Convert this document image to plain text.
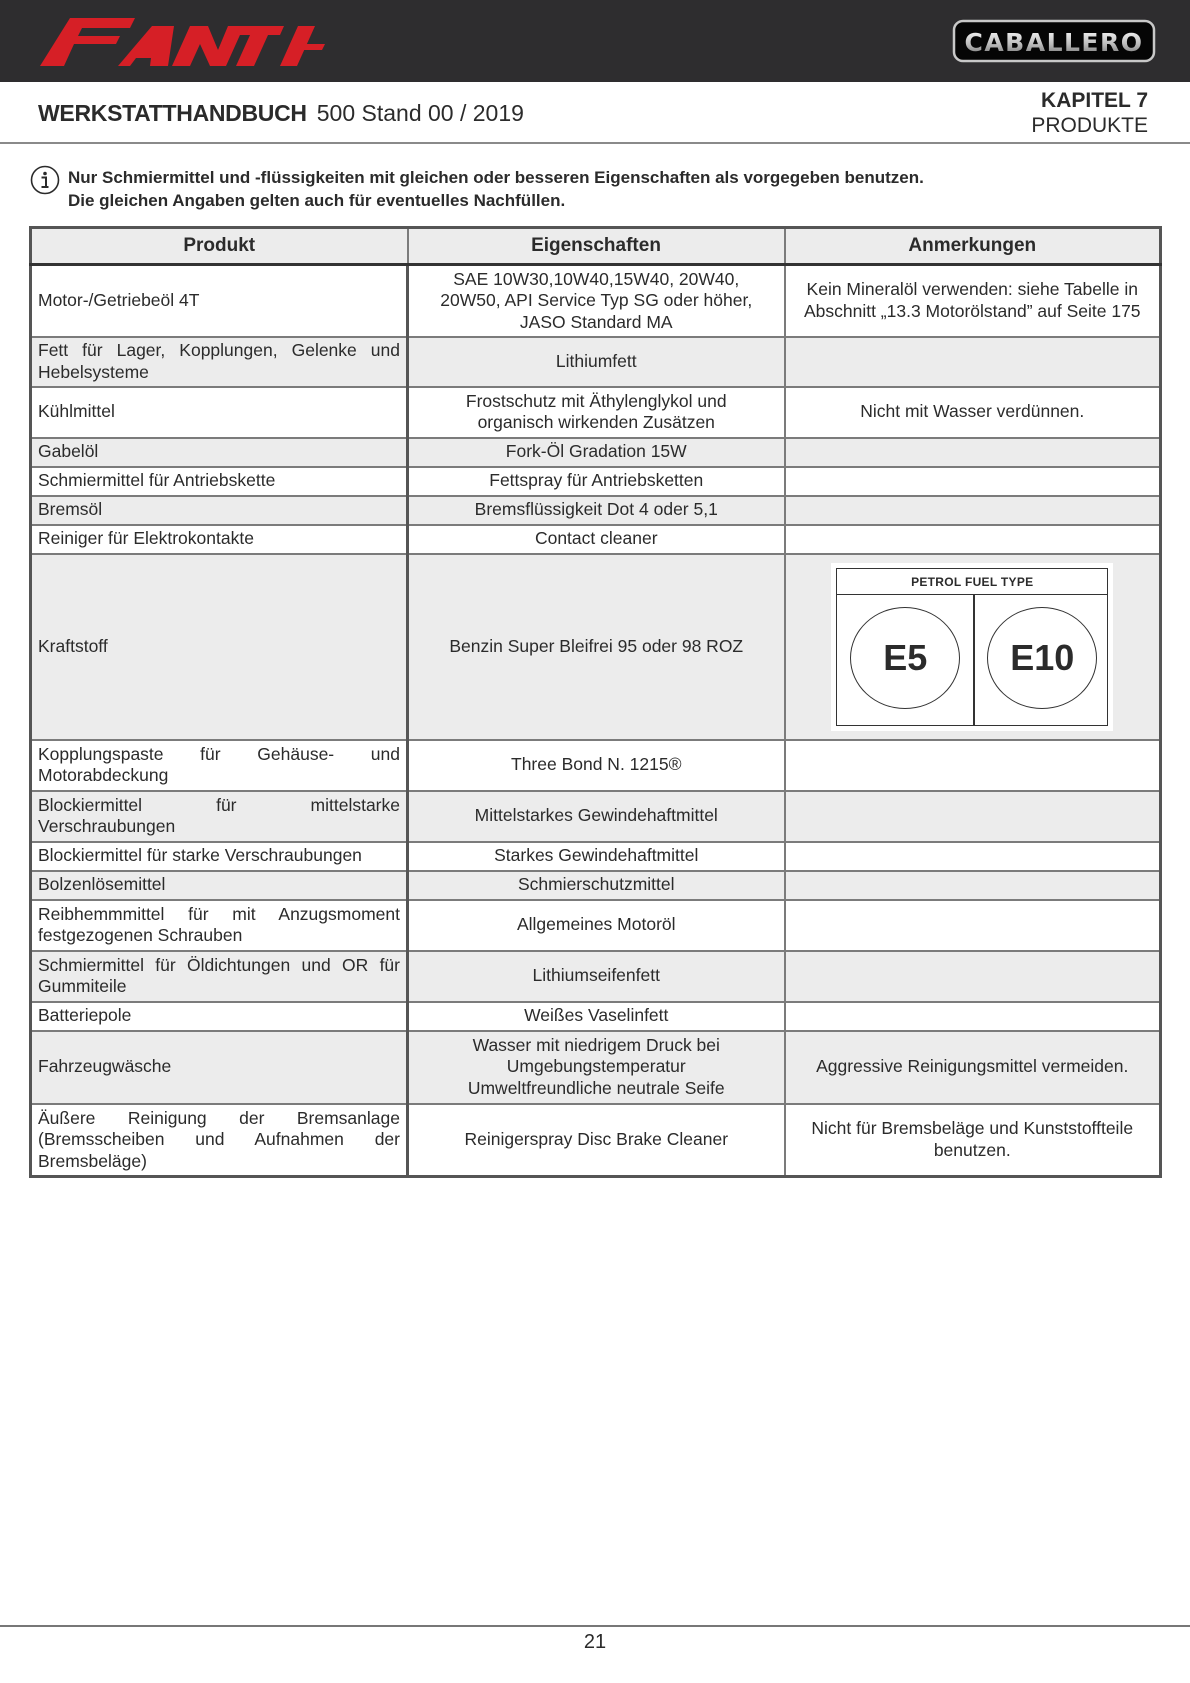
CABALLERO
WERKSTATTHANDBUCH 500 Stand 00 / 2019	KAPITEL 7
PRODUKTE
Nur Schmiermittel und -flüssigkeiten mit gleichen oder besseren Eigenschaften als vorgegeben benutzen.
Die gleichen Angaben gelten auch für eventuelles Nachfüllen.
Produkt	Eigenschaften	Anmerkungen
Motor-/Getriebeöl 4T	SAE 10W30,10W40,15W40, 20W40, 20W50, API Service Typ SG oder höher, JASO Standard MA	Kein Mineralöl verwenden: siehe Tabelle in Abschnitt „13.3 Motorölstand” auf Seite 175
Fett für Lager, Kopplungen, Gelenke und Hebelsysteme	Lithiumfett	
Kühlmittel	Frostschutz mit Äthylenglykol und organisch wirkenden Zusätzen	Nicht mit Wasser verdünnen.
Gabelöl	Fork-Öl Gradation 15W	
Schmiermittel für Antriebskette	Fettspray für Antriebsketten	
Bremsöl	Bremsflüssigkeit Dot 4 oder 5,1	
Reiniger für Elektrokontakte	Contact cleaner	
Kraftstoff	Benzin Super Bleifrei 95 oder 98 ROZ	PETROL FUEL TYPE
E5 E10

Kopplungspaste für Gehäuse- und Motorabdeckung	Three Bond N. 1215®	
Blockiermittel für mittelstarke Verschraubungen	Mittelstarkes Gewindehaftmittel	
Blockiermittel für starke Verschraubungen	Starkes Gewindehaftmittel	
Bolzenlösemittel	Schmierschutzmittel	
Reibhemmmittel für mit Anzugsmoment festgezogenen Schrauben	Allgemeines Motoröl	
Schmiermittel für Öldichtungen und OR für Gummiteile	Lithiumseifenfett	
Batteriepole	Weißes Vaselinfett	
Fahrzeugwäsche	Wasser mit niedrigem Druck bei Umgebungstemperatur Umweltfreundliche neutrale Seife	Aggressive Reinigungsmittel vermeiden.
Äußere Reinigung der Bremsanlage (Bremsscheiben und Aufnahmen der Bremsbeläge)	Reinigerspray Disc Brake Cleaner	Nicht für Bremsbeläge und Kunststoffteile benutzen.
21
